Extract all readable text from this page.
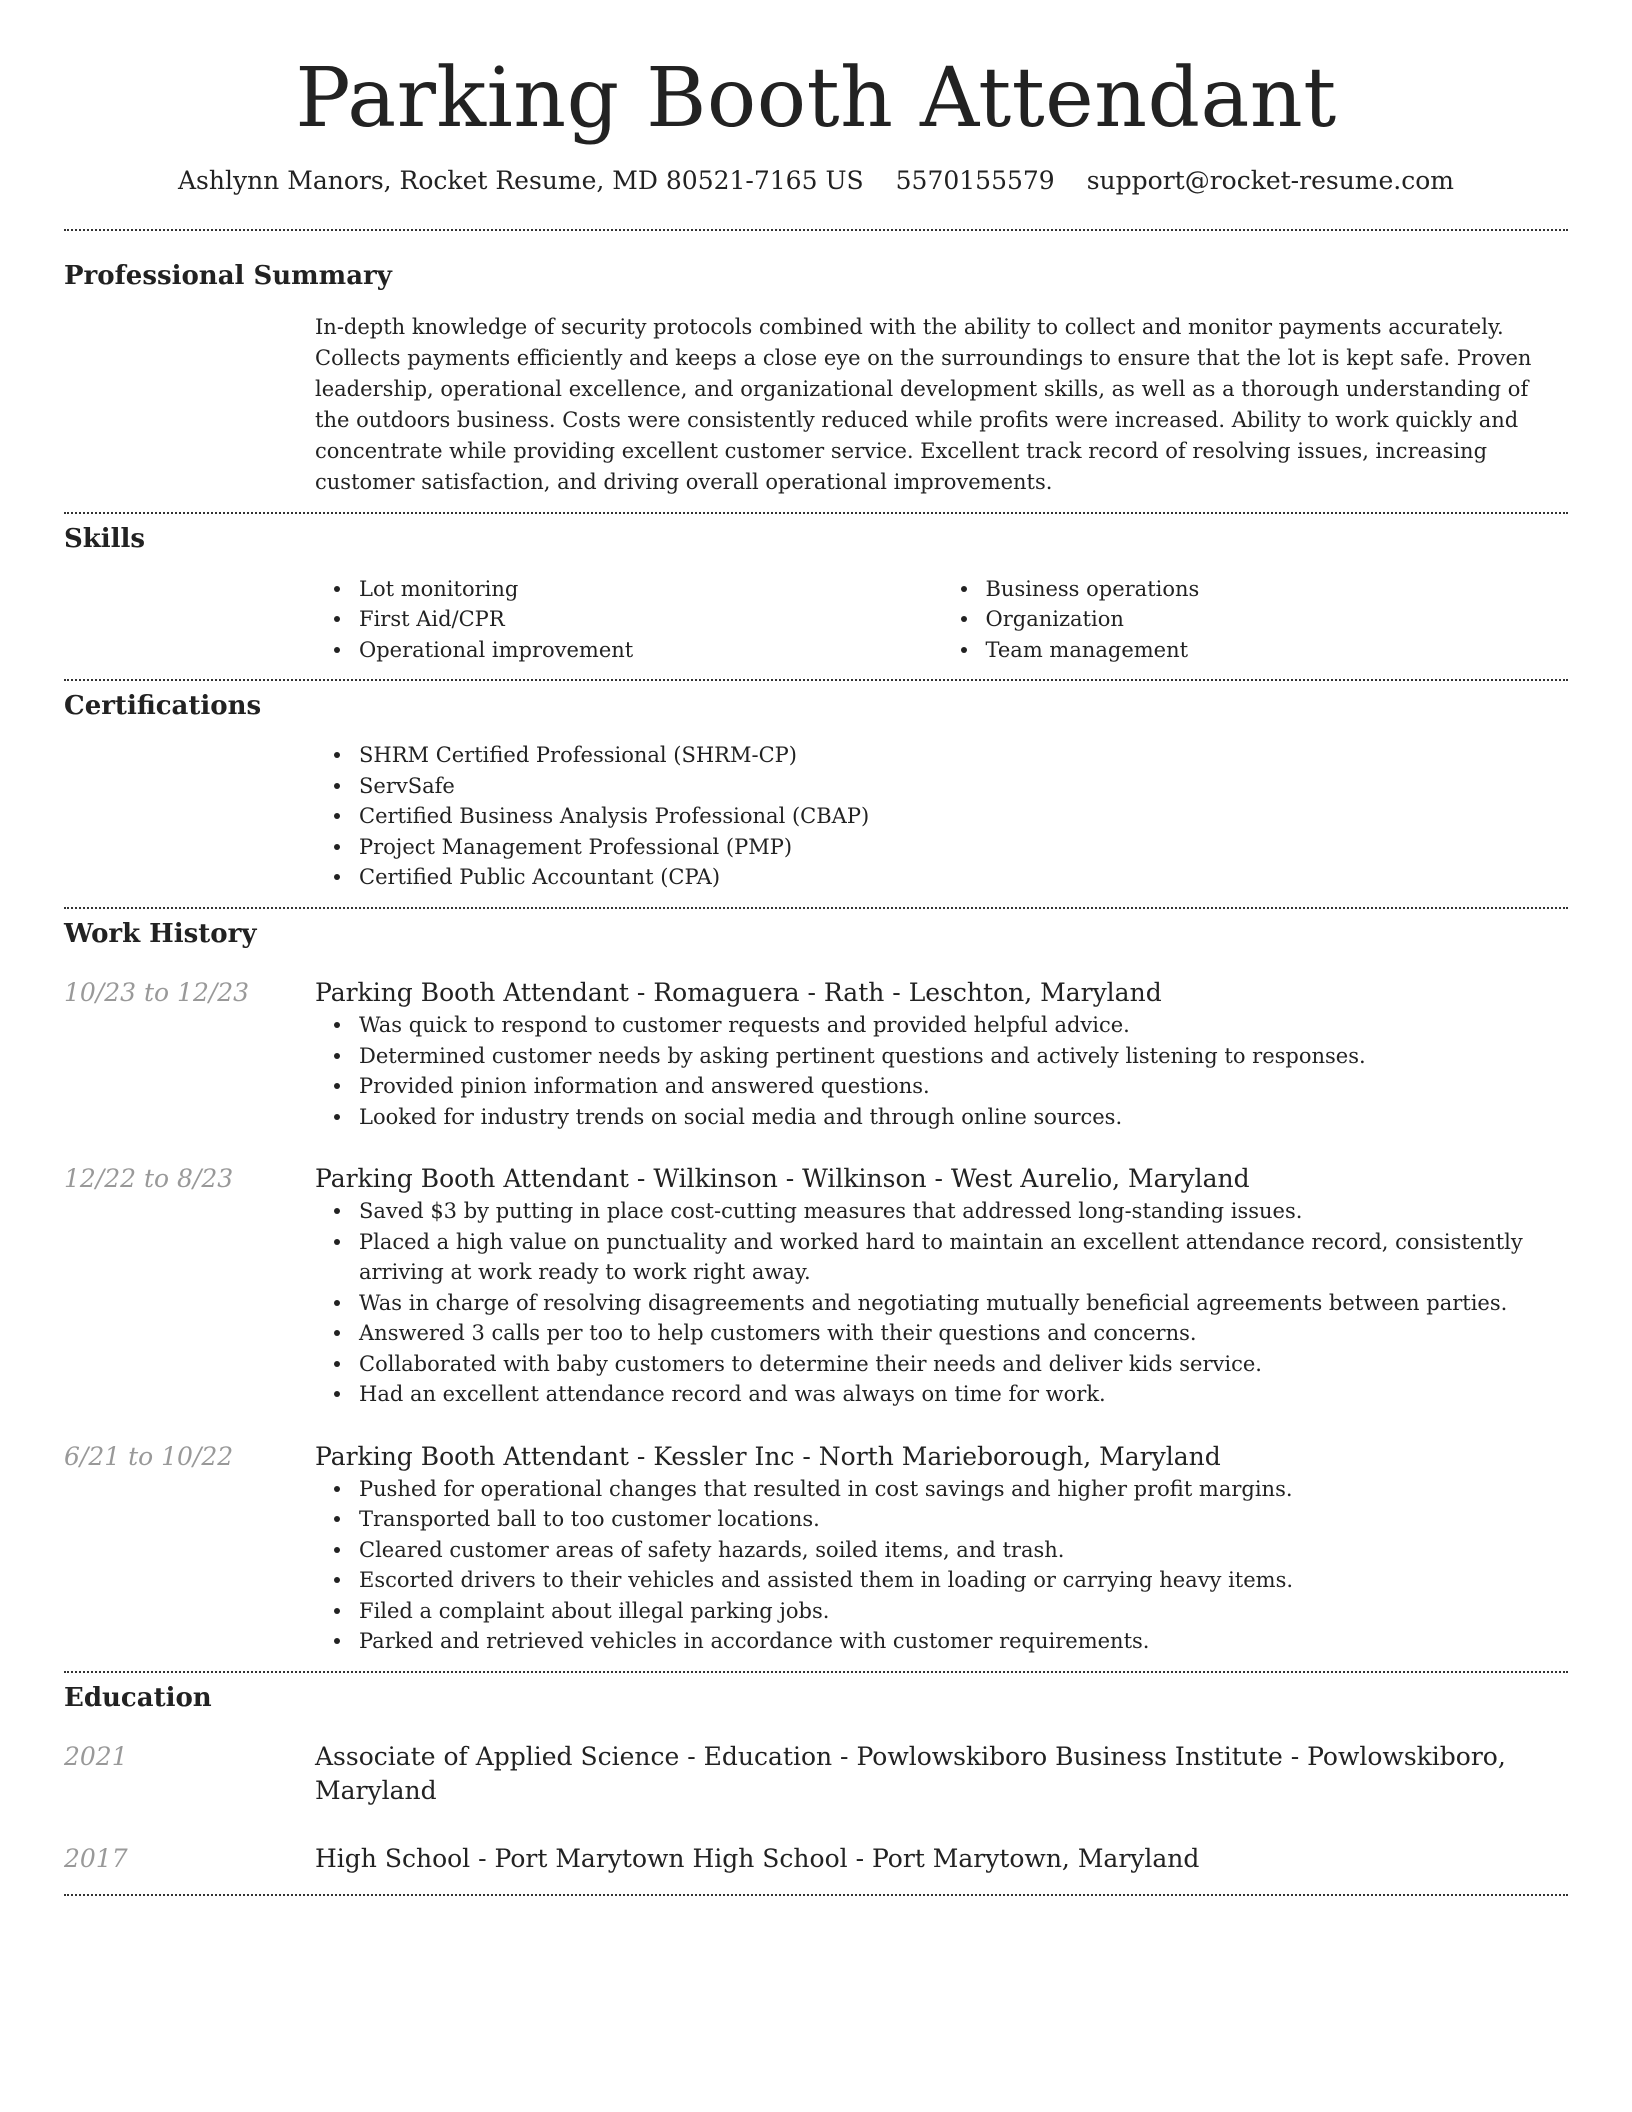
Parking Booth Attendant
Ashlynn Manors, Rocket Resume, MD 80521-7165 US 5570155579 support@rocket-resume.com
Professional Summary

In-depth knowledge of security protocols combined with the ability to collect and monitor payments accurately. Collects payments efficiently and keeps a close eye on the surroundings to ensure that the lot is kept safe. Proven leadership, operational excellence, and organizational development skills, as well as a thorough understanding of the outdoors business. Costs were consistently reduced while profits were increased. Ability to work quickly and concentrate while providing excellent customer service. Excellent track record of resolving issues, increasing customer satisfaction, and driving overall operational improvements.

Skills
Lot monitoring
First Aid/CPR
Operational improvement
Business operations
Organization
Team management
Certifications
SHRM Certified Professional (SHRM-CP)
ServSafe
Certified Business Analysis Professional (CBAP)
Project Management Professional (PMP)
Certified Public Accountant (CPA)
Work History
10/23 to 12/23	Parking Booth Attendant - Romaguera - Rath - Leschton, Maryland
Was quick to respond to customer requests and provided helpful advice.
Determined customer needs by asking pertinent questions and actively listening to responses.
Provided pinion information and answered questions.
Looked for industry trends on social media and through online sources.
12/22 to 8/23	Parking Booth Attendant - Wilkinson - Wilkinson - West Aurelio, Maryland
Saved $3 by putting in place cost-cutting measures that addressed long-standing issues.
Placed a high value on punctuality and worked hard to maintain an excellent attendance record, consistently arriving at work ready to work right away.
Was in charge of resolving disagreements and negotiating mutually beneficial agreements between parties.
Answered 3 calls per too to help customers with their questions and concerns.
Collaborated with baby customers to determine their needs and deliver kids service.
Had an excellent attendance record and was always on time for work.
6/21 to 10/22	Parking Booth Attendant - Kessler Inc - North Marieborough, Maryland
Pushed for operational changes that resulted in cost savings and higher profit margins.
Transported ball to too customer locations.
Cleared customer areas of safety hazards, soiled items, and trash.
Escorted drivers to their vehicles and assisted them in loading or carrying heavy items.
Filed a complaint about illegal parking jobs.
Parked and retrieved vehicles in accordance with customer requirements.
Education
2021	Associate of Applied Science - Education - Powlowskiboro Business Institute - Powlowskiboro, Maryland
2017	High School - Port Marytown High School - Port Marytown, Maryland
